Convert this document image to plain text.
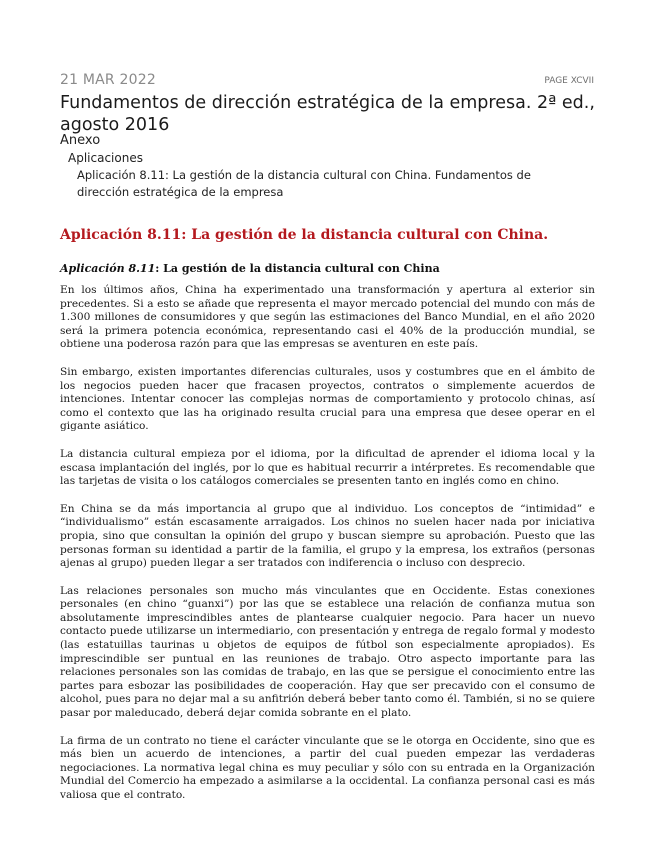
21 MAR 2022	PAGE XCVII
Fundamentos de dirección estratégica de la empresa. 2ª ed., agosto 2016
Anexo
Aplicaciones
Aplicación 8.11: La gestión de la distancia cultural con China. Fundamentos de dirección estratégica de la empresa
Aplicación 8.11: La gestión de la distancia cultural con China.
Aplicación 8.11: La gestión de la distancia cultural con China

En los últimos años, China ha experimentado una transformación y apertura al exterior sin precedentes. Si a esto se añade que representa el mayor mercado potencial del mundo con más de 1.300 millones de consumidores y que según las estimaciones del Banco Mundial, en el año 2020 será la primera potencia económica, representando casi el 40% de la producción mundial, se obtiene una poderosa razón para que las empresas se aventuren en este país.

Sin embargo, existen importantes diferencias culturales, usos y costumbres que en el ámbito de los negocios pueden hacer que fracasen proyectos, contratos o simplemente acuerdos de intenciones. Intentar conocer las complejas normas de comportamiento y protocolo chinas, así como el contexto que las ha originado resulta crucial para una empresa que desee operar en el gigante asiático.

La distancia cultural empieza por el idioma, por la dificultad de aprender el idioma local y la escasa implantación del inglés, por lo que es habitual recurrir a intérpretes. Es recomendable que las tarjetas de visita o los catálogos comerciales se presenten tanto en inglés como en chino.

En China se da más importancia al grupo que al individuo. Los conceptos de “intimidad” e “individualismo” están escasamente arraigados. Los chinos no suelen hacer nada por iniciativa propia, sino que consultan la opinión del grupo y buscan siempre su aprobación. Puesto que las personas forman su identidad a partir de la familia, el grupo y la empresa, los extraños (personas ajenas al grupo) pueden llegar a ser tratados con indiferencia o incluso con desprecio.

Las relaciones personales son mucho más vinculantes que en Occidente. Estas conexiones personales (en chino “guanxi”) por las que se establece una relación de confianza mutua son absolutamente imprescindibles antes de plantearse cualquier negocio. Para hacer un nuevo contacto puede utilizarse un intermediario, con presentación y entrega de regalo formal y modesto (las estatuillas taurinas u objetos de equipos de fútbol son especialmente apropiados). Es imprescindible ser puntual en las reuniones de trabajo. Otro aspecto importante para las relaciones personales son las comidas de trabajo, en las que se persigue el conocimiento entre las partes para esbozar las posibilidades de cooperación. Hay que ser precavido con el consumo de alcohol, pues para no dejar mal a su anfitrión deberá beber tanto como él. También, si no se quiere pasar por maleducado, deberá dejar comida sobrante en el plato.

La firma de un contrato no tiene el carácter vinculante que se le otorga en Occidente, sino que es más bien un acuerdo de intenciones, a partir del cual pueden empezar las verdaderas negociaciones. La normativa legal china es muy peculiar y sólo con su entrada en la Organización Mundial del Comercio ha empezado a asimilarse a la occidental. La confianza personal casi es más valiosa que el contrato.
